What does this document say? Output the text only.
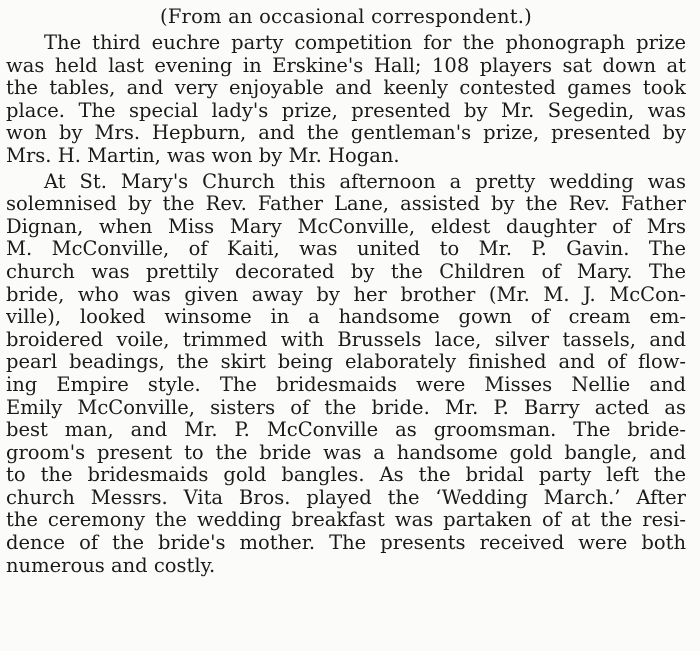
(From an occasional correspondent.)

The third euchre party competition for the phonograph prize
was held last evening in Erskine's Hall; 108 players sat down at
the tables, and very enjoyable and keenly contested games took
place. The special lady's prize, presented by Mr. Segedin, was
won by Mrs. Hepburn, and the gentleman's prize, presented by
Mrs. H. Martin, was won by Mr. Hogan.

At St. Mary's Church this afternoon a pretty wedding was
solemnised by the Rev. Father Lane, assisted by the Rev. Father
Dignan, when Miss Mary McConville, eldest daughter of Mrs
M. McConville, of Kaiti, was united to Mr. P. Gavin. The
church was prettily decorated by the Children of Mary. The
bride, who was given away by her brother (Mr. M. J. McCon-
ville), looked winsome in a handsome gown of cream em-
broidered voile, trimmed with Brussels lace, silver tassels, and
pearl beadings, the skirt being elaborately finished and of flow-
ing Empire style. The bridesmaids were Misses Nellie and
Emily McConville, sisters of the bride. Mr. P. Barry acted as
best man, and Mr. P. McConville as groomsman. The bride-
groom's present to the bride was a handsome gold bangle, and
to the bridesmaids gold bangles. As the bridal party left the
church Messrs. Vita Bros. played the ‘Wedding March.’ After
the ceremony the wedding breakfast was partaken of at the resi-
dence of the bride's mother. The presents received were both
numerous and costly.
